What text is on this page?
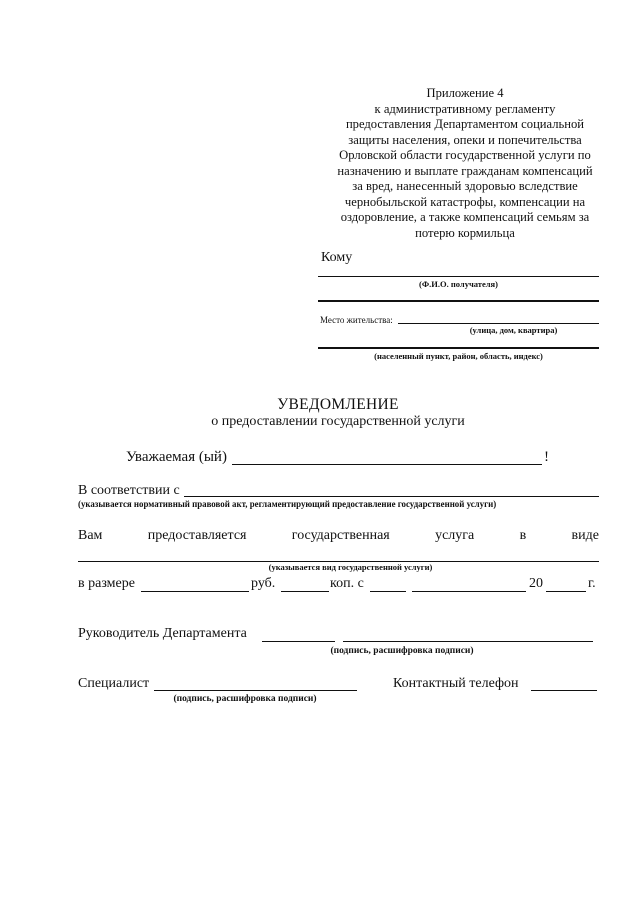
Приложение 4
к административному регламенту
предоставления Департаментом социальной
защиты населения, опеки и попечительства
Орловской области государственной услуги по
назначению и выплате гражданам компенсаций
за вред, нанесенный здоровью вследствие
чернобыльской катастрофы, компенсации на
оздоровление, а также компенсаций семьям за
потерю кормильца
Кому
(Ф.И.О. получателя)
Место жительства:
(улица, дом, квартира)
(населенный пункт, район, область, индекс)
УВЕДОМЛЕНИЕ
о предоставлении государственной услуги
Уважаемая (ый)	!
В соответствии с
(указывается нормативный правовой акт, регламентирующий предоставление государственной услуги)
Вам	предоставляется	государственная	услуга	в	виде
(указывается вид государственной услуги)
в размере	руб.	коп. с	20	г.
Руководитель Департамента
(подпись, расшифровка подписи)
Специалист
(подпись, расшифровка подписи)
Контактный телефон
